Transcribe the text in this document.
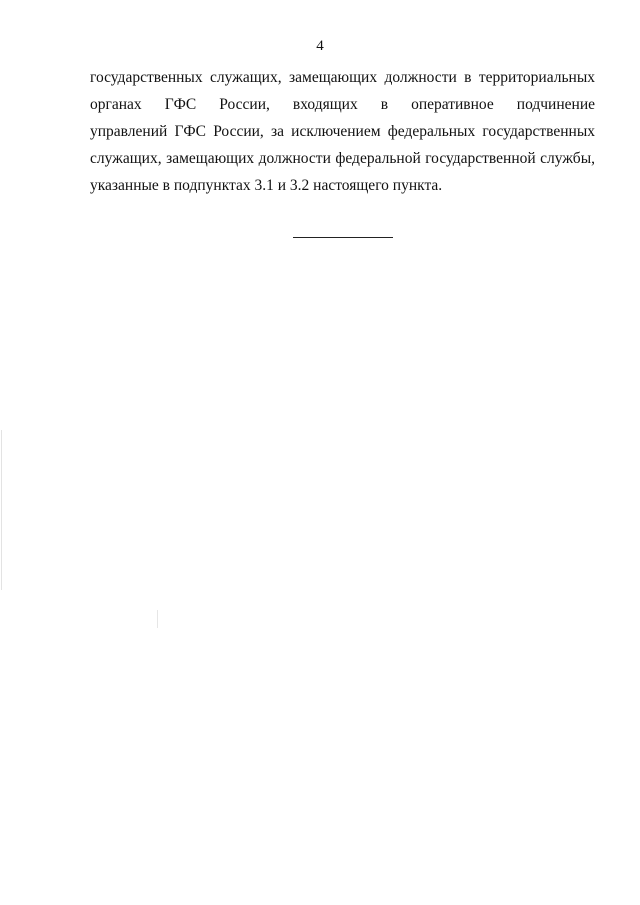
4
государственных служащих, замещающих должности в территориальных
органах ГФС России, входящих в оперативное подчинение
управлений ГФС России, за исключением федеральных государственных
служащих, замещающих должности федеральной государственной службы,
указанные в подпунктах 3.1 и 3.2 настоящего пункта.
